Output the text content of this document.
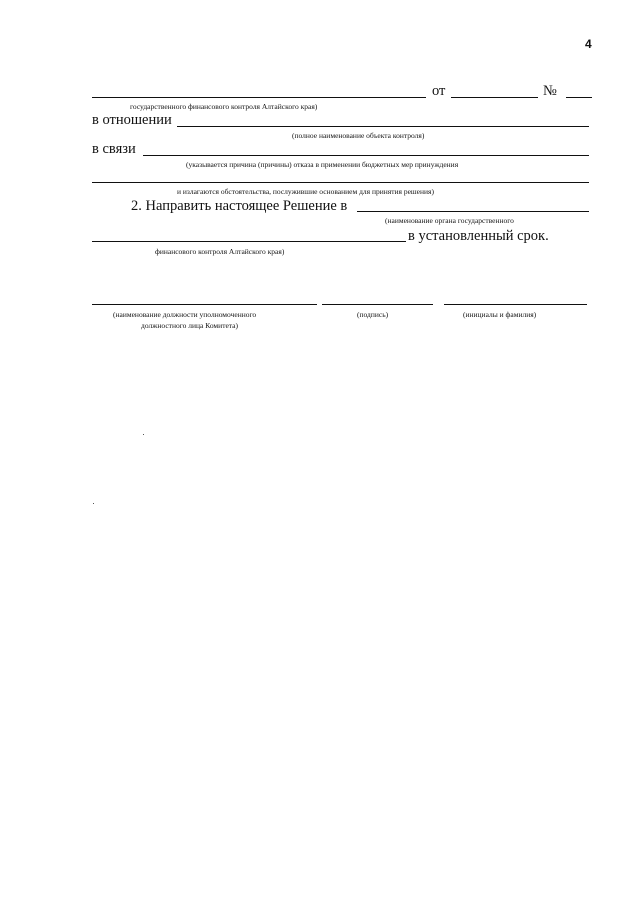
4
от	№
государственного финансового контроля Алтайского края)
в отношении
(полное наименование объекта контроля)
в связи
(указывается причина (причины) отказа в применении бюджетных мер принуждения
и излагаются обстоятельства, послужившие основанием для принятия решения)
2. Направить настоящее Решение в
(наименование органа государственного
в установленный срок.
финансового контроля Алтайского края)
(наименование должности уполномоченного
должностного лица Комитета)
(подпись)	(инициалы и фамилия)
